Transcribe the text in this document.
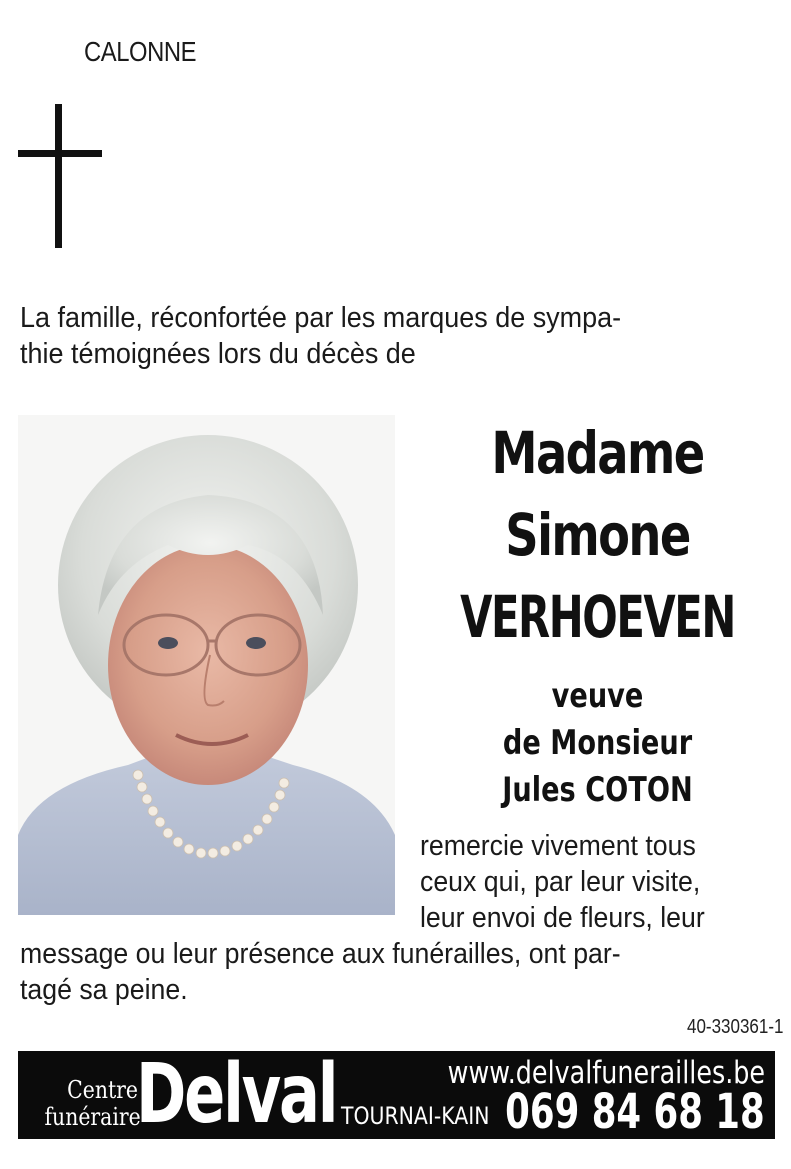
CALONNE
La famille, réconfortée par les marques de sympa-
thie témoignées lors du décès de
Madame
Simone
VERHOEVEN
veuve
de Monsieur
Jules COTON
remercie vivement tous
ceux qui, par leur visite,
leur envoi de fleurs, leur
message ou leur présence aux funérailles, ont par-
tagé sa peine.
40-330361-1
Centre
funéraire
Delval	www.delvalfunerailles.be
TOURNAI-KAIN 069 84 68 18
